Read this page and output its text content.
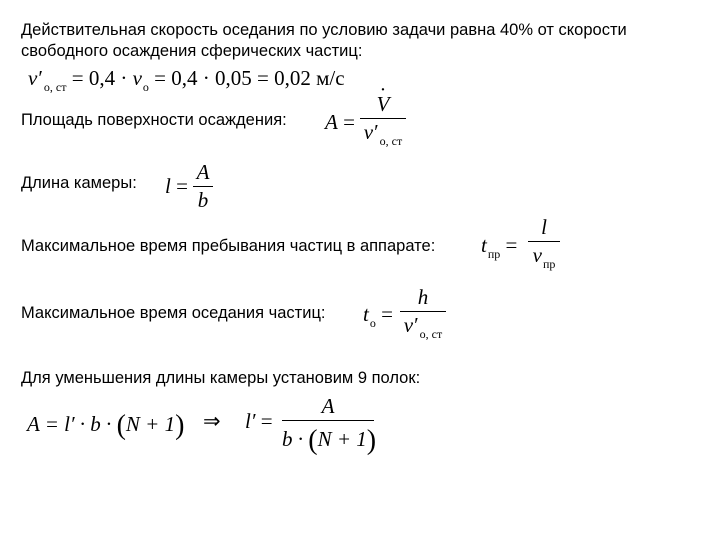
Действительная скорость оседания по условию задачи равна 40% от скорости
свободного осаждения сферических частиц:
$v'_{о, ст} = 0,4 \cdot v_о = 0,4 \cdot 0,05 = 0,02$ м/с
Площадь поверхности осаждения: A =
· V
$v'_{о, ст}$
Длина камеры: l =
A
b
Максимальное время пребывания частиц в аппарате: $t_{пр}$ =
l
$v_{пр}$
Максимальное время оседания частиц: $t_о$ =
h
$v'_{о, ст}$
Для уменьшения длины камеры установим 9 полок:
A = l′ · b · (N + 1) ⇒ l′ =
A
b · (N + 1)
